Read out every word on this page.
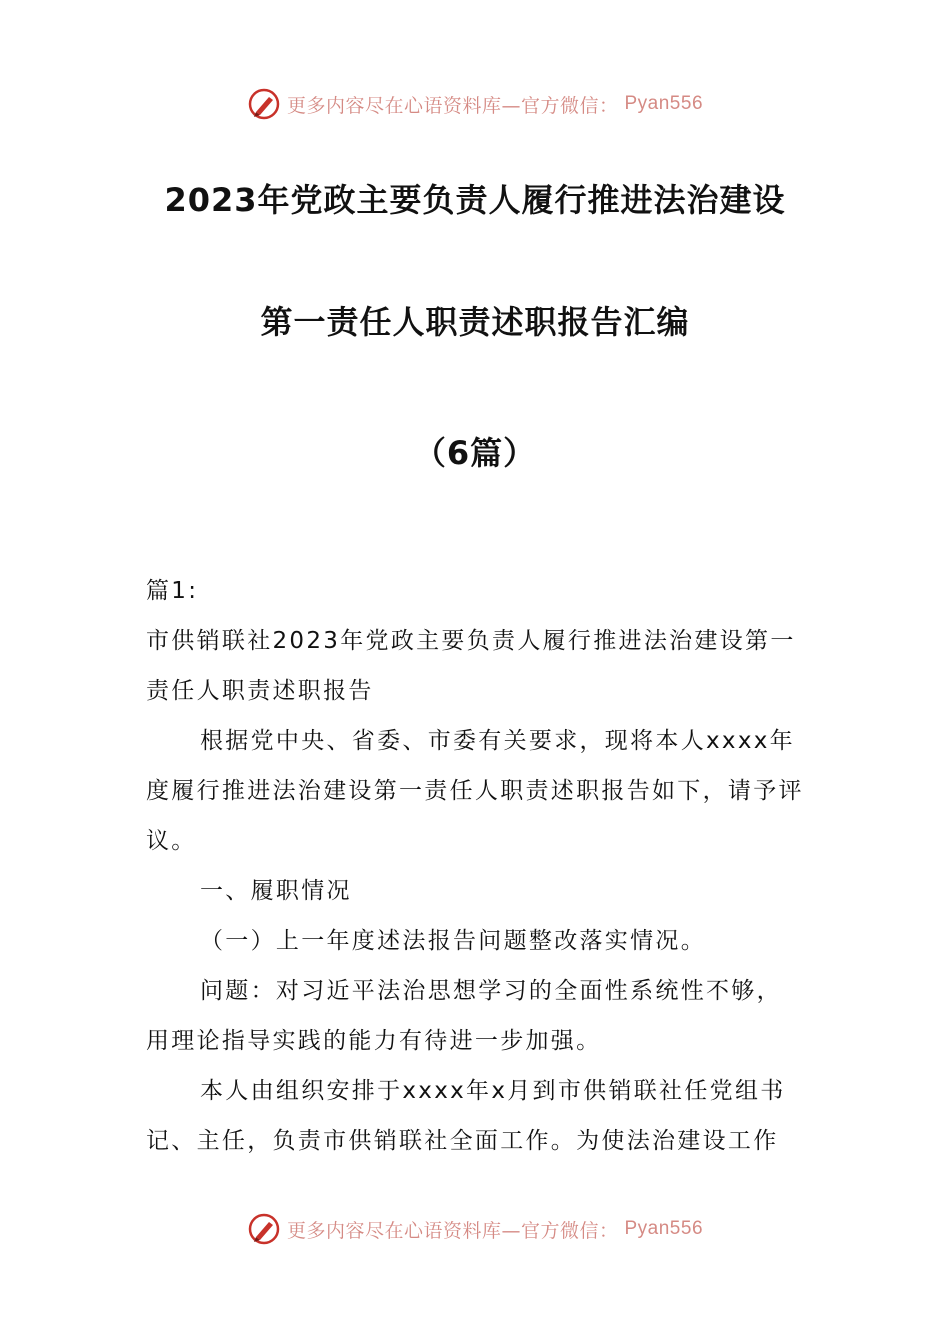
更多内容尽在心语资料库—官方微信： Pyan556
2023年党政主要负责人履行推进法治建设
第一责任人职责述职报告汇编
（6篇）

篇1:

市供销联社2023年党政主要负责人履行推进法治建设第一责任人职责述职报告

根据党中央、省委、市委有关要求，现将本人xxxx年度履行推进法治建设第一责任人职责述职报告如下，请予评议。

一、履职情况

（一）上一年度述法报告问题整改落实情况。

问题：对习近平法治思想学习的全面性系统性不够，用理论指导实践的能力有待进一步加强。

本人由组织安排于xxxx年x月到市供销联社任党组书记、主任，负责市供销联社全面工作。为使法治建设工作

更多内容尽在心语资料库—官方微信： Pyan556
